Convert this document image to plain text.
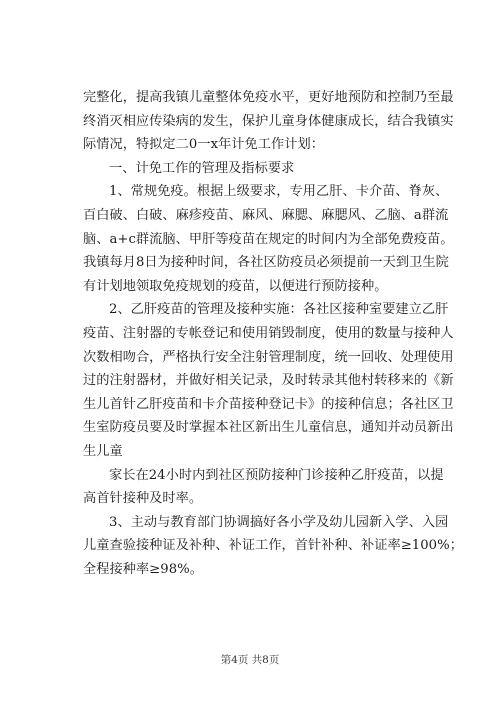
完整化，提高我镇儿童整体免疫水平，更好地预防和控制乃至最
终消灭相应传染病的发生，保护儿童身体健康成长，结合我镇实
际情况，特拟定二0一x年计免工作计划：
一、计免工作的管理及指标要求
1、常规免疫。根据上级要求，专用乙肝、卡介苗、脊灰、
百白破、白破、麻疹疫苗、麻风、麻腮、麻腮风、乙脑、a群流
脑、a+c群流脑、甲肝等疫苗在规定的时间内为全部免费疫苗。
我镇每月8日为接种时间，各社区防疫员必须提前一天到卫生院
有计划地领取免疫规划的疫苗，以便进行预防接种。
2、乙肝疫苗的管理及接种实施：各社区接种室要建立乙肝
疫苗、注射器的专帐登记和使用销毁制度，使用的数量与接种人
次数相吻合，严格执行安全注射管理制度，统一回收、处理使用
过的注射器材，并做好相关记录，及时转录其他村转移来的《新
生儿首针乙肝疫苗和卡介苗接种登记卡》的接种信息；各社区卫
生室防疫员要及时掌握本社区新出生儿童信息，通知并动员新出
生儿童
家长在24小时内到社区预防接种门诊接种乙肝疫苗，以提
高首针接种及时率。
3、主动与教育部门协调搞好各小学及幼儿园新入学、入园
儿童查验接种证及补种、补证工作，首针补种、补证率≥100%；
全程接种率≥98%。
第4页 共8页
